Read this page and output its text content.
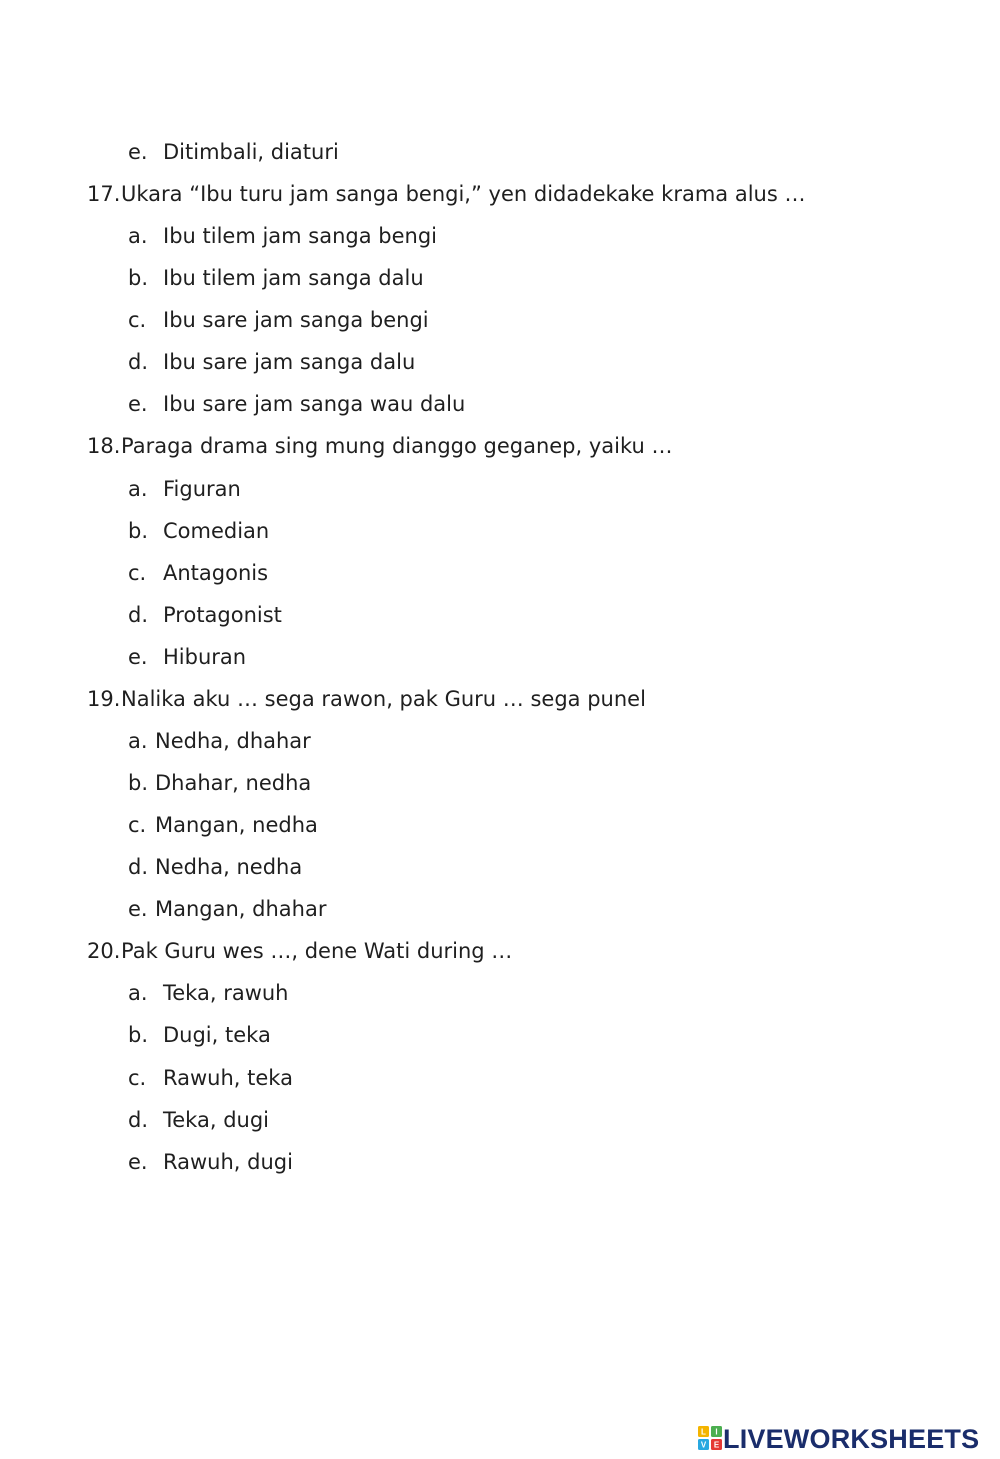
e. Ditimbali, diaturi
17. Ukara “Ibu turu jam sanga bengi,” yen didadekake krama alus …
a. Ibu tilem jam sanga bengi
b. Ibu tilem jam sanga dalu
c. Ibu sare jam sanga bengi
d. Ibu sare jam sanga dalu
e. Ibu sare jam sanga wau dalu
18. Paraga drama sing mung dianggo geganep, yaiku …
a. Figuran
b. Comedian
c. Antagonis
d. Protagonist
e. Hiburan
19. Nalika aku … sega rawon, pak Guru … sega punel
a. Nedha, dhahar
b. Dhahar, nedha
c. Mangan, nedha
d. Nedha, nedha
e. Mangan, dhahar
20. Pak Guru wes …, dene Wati during …
a. Teka, rawuh
b. Dugi, teka
c. Rawuh, teka
d. Teka, dugi
e. Rawuh, dugi
L I
V E LIVEWORKSHEETS
